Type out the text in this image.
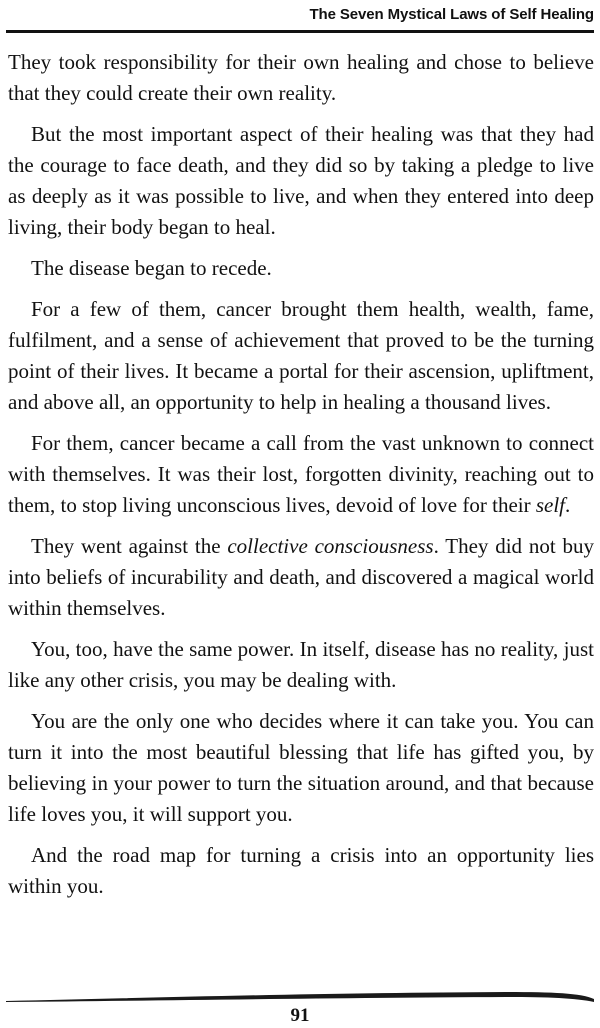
The Seven Mystical Laws of Self Healing

They took responsibility for their own healing and chose to believe that they could create their own reality.

But the most important aspect of their healing was that they had the courage to face death, and they did so by taking a pledge to live as deeply as it was possible to live, and when they entered into deep living, their body began to heal.

The disease began to recede.

For a few of them, cancer brought them health, wealth, fame, fulfilment, and a sense of achievement that proved to be the turning point of their lives. It became a portal for their ascension, upliftment, and above all, an opportunity to help in healing a thousand lives.

For them, cancer became a call from the vast unknown to connect with themselves. It was their lost, forgotten divinity, reaching out to them, to stop living unconscious lives, devoid of love for their self.

They went against the collective consciousness. They did not buy into beliefs of incurability and death, and discovered a magical world within themselves.

You, too, have the same power. In itself, disease has no reality, just like any other crisis, you may be dealing with.

You are the only one who decides where it can take you. You can turn it into the most beautiful blessing that life has gifted you, by believing in your power to turn the situation around, and that because life loves you, it will support you.

And the road map for turning a crisis into an opportunity lies within you.

91
